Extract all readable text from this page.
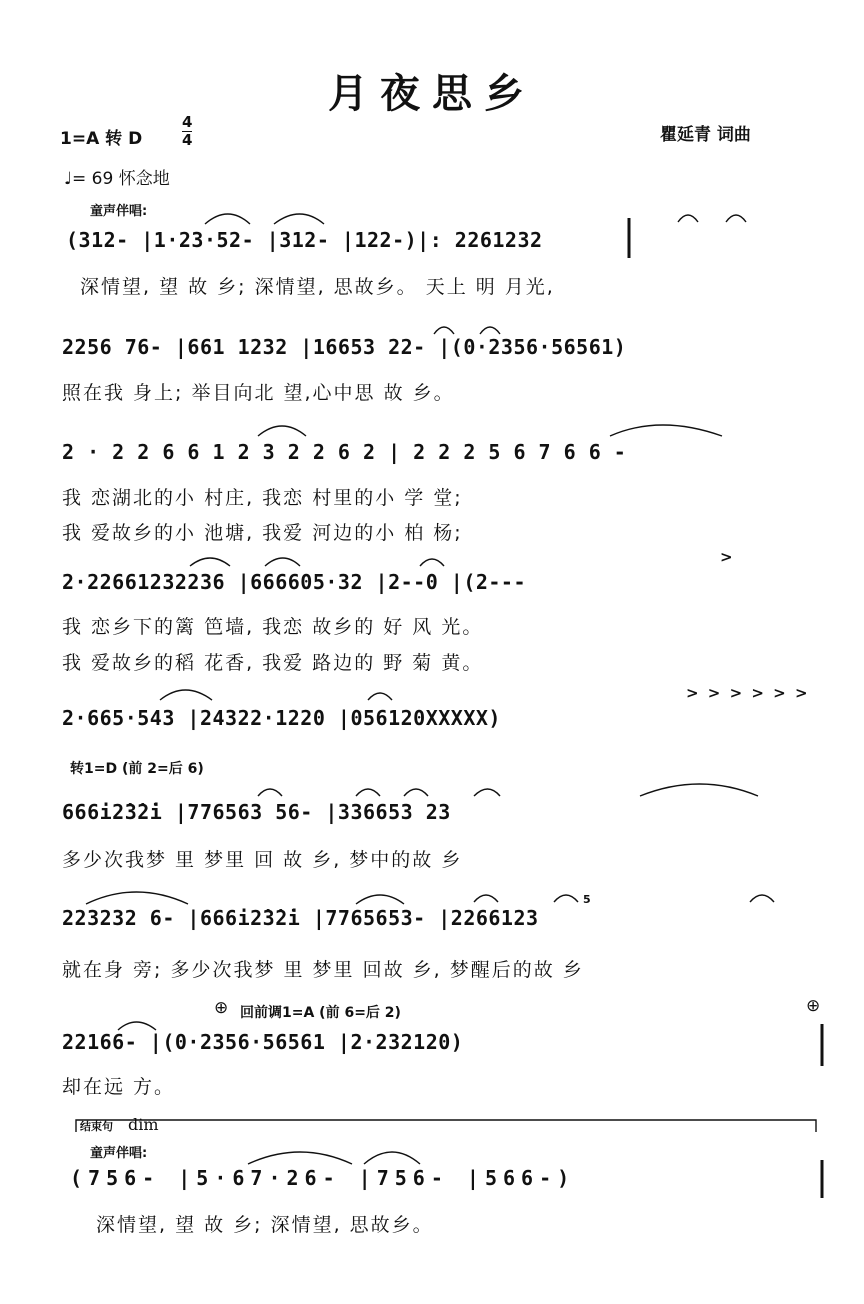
月夜思乡
1=A 转 D
4
4
♩= 69 怀念地
瞿延青 词曲
童声伴唱:
(312- |1·23·52- |312- |122-)|: 2261232
深情望, 望 故 乡; 深情望, 思故乡。 天上 明 月光,
2256 76- |661 1232 |16653 22- |(0·2356·56561)
照在我 身上; 举目向北 望,心中思 故 乡。
2 · 2 2 6 6 1 2 3 2 2 6 2 | 2 2 2 5 6 7 6 6 -
我 恋湖北的小 村庄, 我恋 村里的小 学 堂;
我 爱故乡的小 池塘, 我爱 河边的小 柏 杨;
2·22661232236 |666605·32 |2--0 |(2---
>
我 恋乡下的篱 笆墙, 我恋 故乡的 好 风 光。
我 爱故乡的稻 花香, 我爱 路边的 野 菊 黄。
> > > > > >
2·665·543 |24322·1220 |056120XXXXX)
转1=D (前 2=后 6)
666i2̇3̇2̇i |776563 56- |336653 23
多少次我梦 里 梦里 回 故 乡, 梦中的故 乡
5
223232 6- |666i2̇3̇2̇i |7765653- |2266123
就在身 旁; 多少次我梦 里 梦里 回故 乡, 梦醒后的故 乡
⊕ 回前调1=A (前 6=后 2)	⊕
22166- |(0·2356·56561 |2·232120)
却在远 方。
结束句 dim
童声伴唱:
(756- |5·67·26- |756- |566-)
深情望, 望 故 乡; 深情望, 思故乡。
